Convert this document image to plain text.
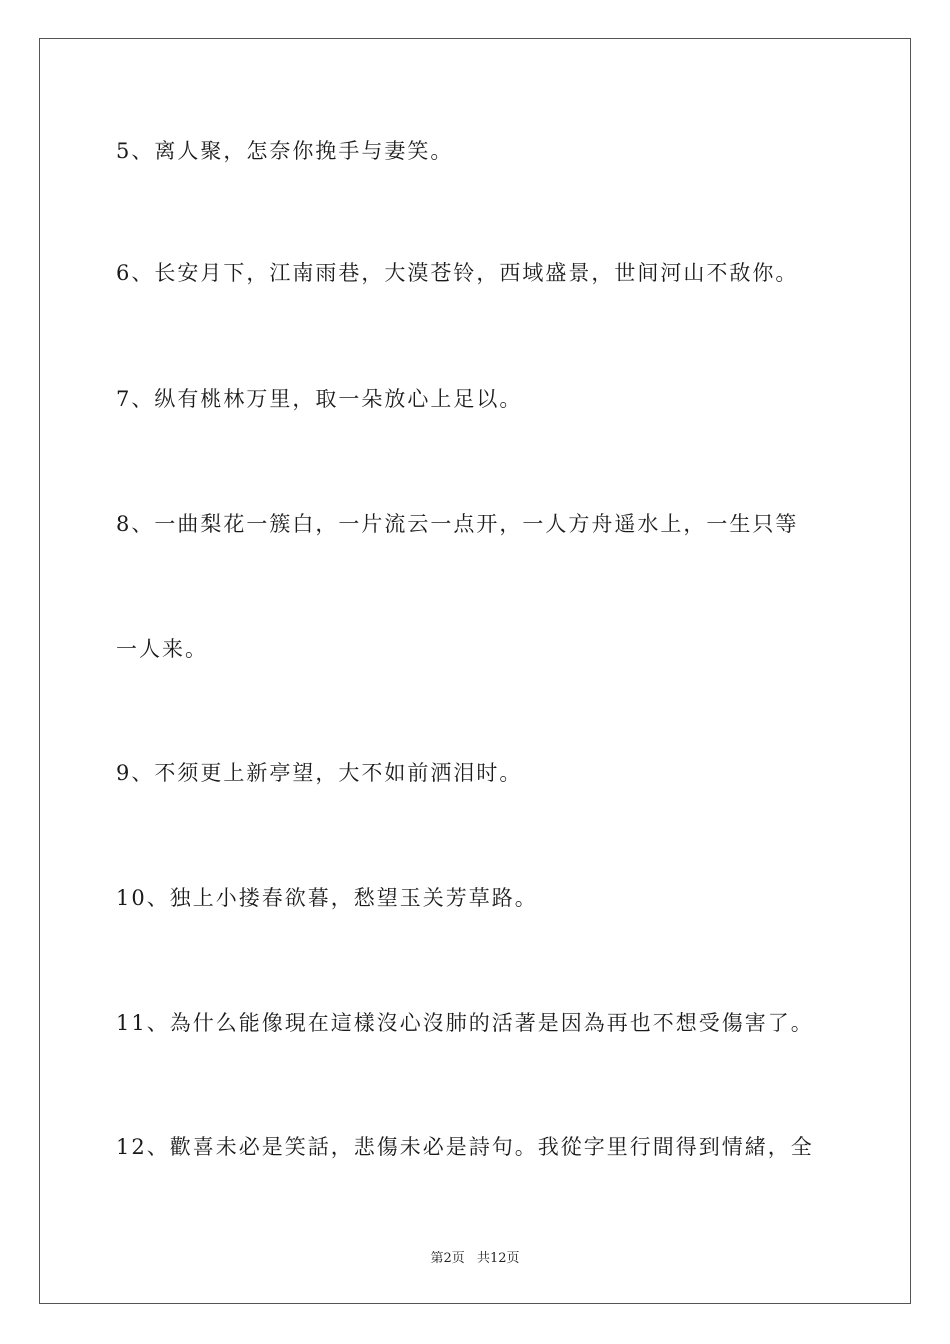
5、离人聚，怎奈你挽手与妻笑。
6、长安月下，江南雨巷，大漠苍铃，西域盛景，世间河山不敌你。
7、纵有桃林万里，取一朵放心上足以。
8、一曲梨花一簇白，一片流云一点开，一人方舟遥水上，一生只等
一人来。
9、不须更上新亭望，大不如前洒泪时。
10、独上小搂春欲暮，愁望玉关芳草路。
11、為什么能像現在這樣沒心沒肺的活著是因為再也不想受傷害了。
12、歡喜未必是笑話，悲傷未必是詩句。我從字里行間得到情緒，全
第2页 共12页
